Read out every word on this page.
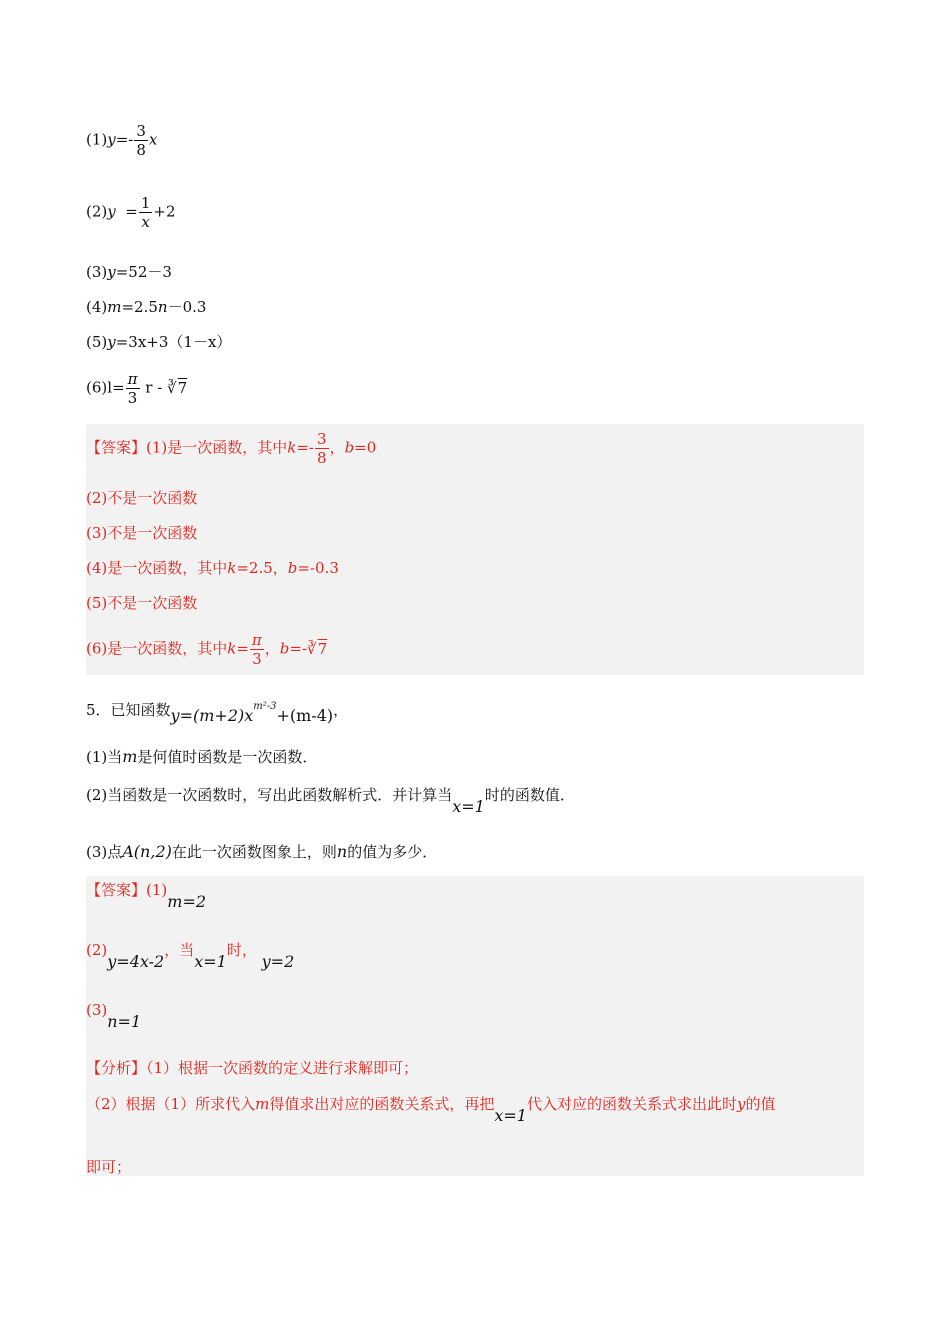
$(1)y=- \frac{3}{8}$ x
$(2)y = \frac{1}{x} +2$
(3)y=52－3
(4)m=2.5n－0.3
(5)y=3x+3（1－x）
$(6)l= \frac{\pi}{3}$ r - ∛7
【答案】(1)是一次函数，其中$k=- \frac{3}{8}$ ，b=0
(2)不是一次函数
(3)不是一次函数
(4)是一次函数，其中k=2.5，b=-0.3
(5)不是一次函数
(6)是一次函数，其中$k= \frac{\pi}{3}$ ，b=-∛7
5．已知函数$y=(m+2)x^{m^2-3}+(m-4)$，
(1)当m是何值时函数是一次函数．
(2)当函数是一次函数时，写出此函数解析式．并计算当x=1时的函数值．
(3)点A(n,2)在此一次函数图象上，则n的值为多少．
【答案】(1)m=2
(2)y=4x-2，当x=1时， y=2
(3)n=1
【分析】（1）根据一次函数的定义进行求解即可；
（2）根据（1）所求代入m得值求出对应的函数关系式，再把x=1代入对应的函数关系式求出此时y的值
即可；
